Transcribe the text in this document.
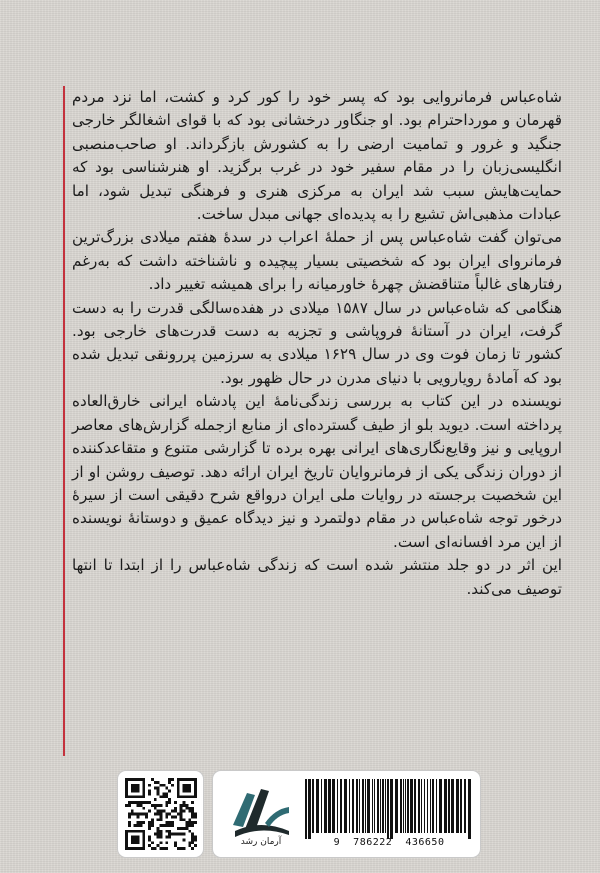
شاه‌عباس فرمانروایی بود که پسر خود را کور کرد و کشت، اما نزد مردم قهرمان و مورداحترام بود. او جنگاور درخشانی بود که با قوای اشغالگر خارجی جنگید و غرور و تمامیت ارضی را به کشورش بازگرداند. او صاحب‌منصبی انگلیسی‌زبان را در مقام سفیر خود در غرب برگزید. او هنرشناسی بود که حمایت‌هایش سبب شد ایران به مرکزی هنری و فرهنگی تبدیل شود، اما عبادات مذهبی‌اش تشیع را به پدیده‌ای جهانی مبدل ساخت.

می‌توان گفت شاه‌عباس پس از حملهٔ اعراب در سدهٔ هفتم میلادی بزرگ‌ترین فرمانروای ایران بود که شخصیتی بسیار پیچیده و ناشناخته داشت که به‌رغم رفتارهای غالباً متناقضش چهرهٔ خاورمیانه را برای همیشه تغییر داد.

هنگامی که شاه‌عباس در سال ۱۵۸۷ میلادی در هفده‌سالگی قدرت را به دست گرفت، ایران در آستانهٔ فروپاشی و تجزیه به دست قدرت‌های خارجی بود. کشور تا زمان فوت وی در سال ۱۶۲۹ میلادی به سرزمین پررونقی تبدیل شده بود که آمادهٔ رویارویی با دنیای مدرن در حال ظهور بود.

نویسنده در این کتاب به بررسی زندگی‌نامهٔ این پادشاه ایرانی خارق‌العاده پرداخته است. دیوید بلو از طیف گسترده‌ای از منابع ازجمله گزارش‌های معاصر اروپایی و نیز وقایع‌نگاری‌های ایرانی بهره برده تا گزارشی متنوع و متقاعدکننده از دوران زندگی یکی از فرمانروایان تاریخ ایران ارائه دهد. توصیف روشن او از این شخصیت برجسته در روایات ملی ایران درواقع شرح دقیقی است از سیرهٔ درخور توجه شاه‌عباس در مقام دولتمرد و نیز دیدگاه عمیق و دوستانهٔ نویسنده از این مرد افسانه‌ای است.

این اثر در دو جلد منتشر شده است که زندگی شاه‌عباس را از ابتدا تا انتها توصیف می‌کند.

آرمان رشد	9 786222 436650
